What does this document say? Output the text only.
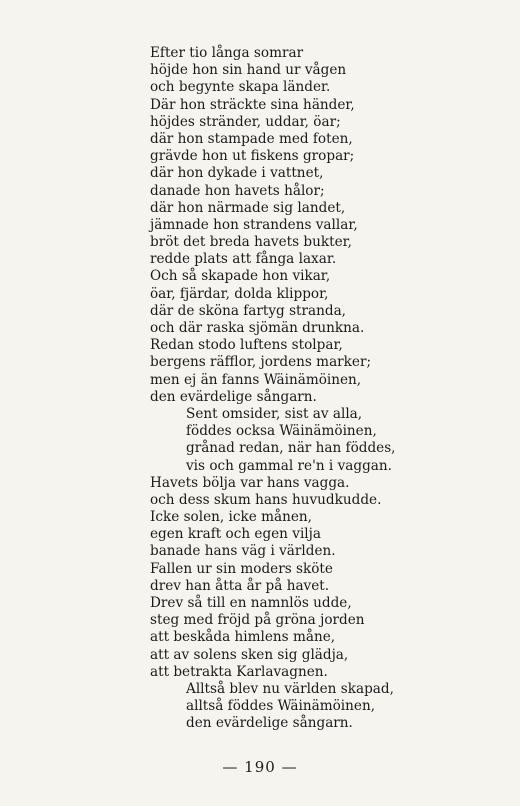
Efter tio långa somrar
höjde hon sin hand ur vågen
och begynte skapa länder.
Där hon sträckte sina händer,
höjdes stränder, uddar, öar;
där hon stampade med foten,
grävde hon ut fiskens gropar;
där hon dykade i vattnet,
danade hon havets hålor;
där hon närmade sig landet,
jämnade hon strandens vallar,
bröt det breda havets bukter,
redde plats att fånga laxar.
Och så skapade hon vikar,
öar, fjärdar, dolda klippor,
där de sköna fartyg stranda,
och där raska sjömän drunkna.
Redan stodo luftens stolpar,
bergens räfflor, jordens marker;
men ej än fanns Wäinämöinen,
den evärdelige sångarn.
Sent omsider, sist av alla,
föddes ocksa Wäinämöinen,
grånad redan, när han föddes,
vis och gammal re'n i vaggan.
Havets bölja var hans vagga.
och dess skum hans huvudkudde.
Icke solen, icke månen,
egen kraft och egen vilja
banade hans väg i världen.
Fallen ur sin moders sköte
drev han åtta år på havet.
Drev så till en namnlös udde,
steg med fröjd på gröna jorden
att beskåda himlens måne,
att av solens sken sig glädja,
att betrakta Karlavagnen.
Alltså blev nu världen skapad,
alltså föddes Wäinämöinen,
den evärdelige sångarn.
— 190 —
